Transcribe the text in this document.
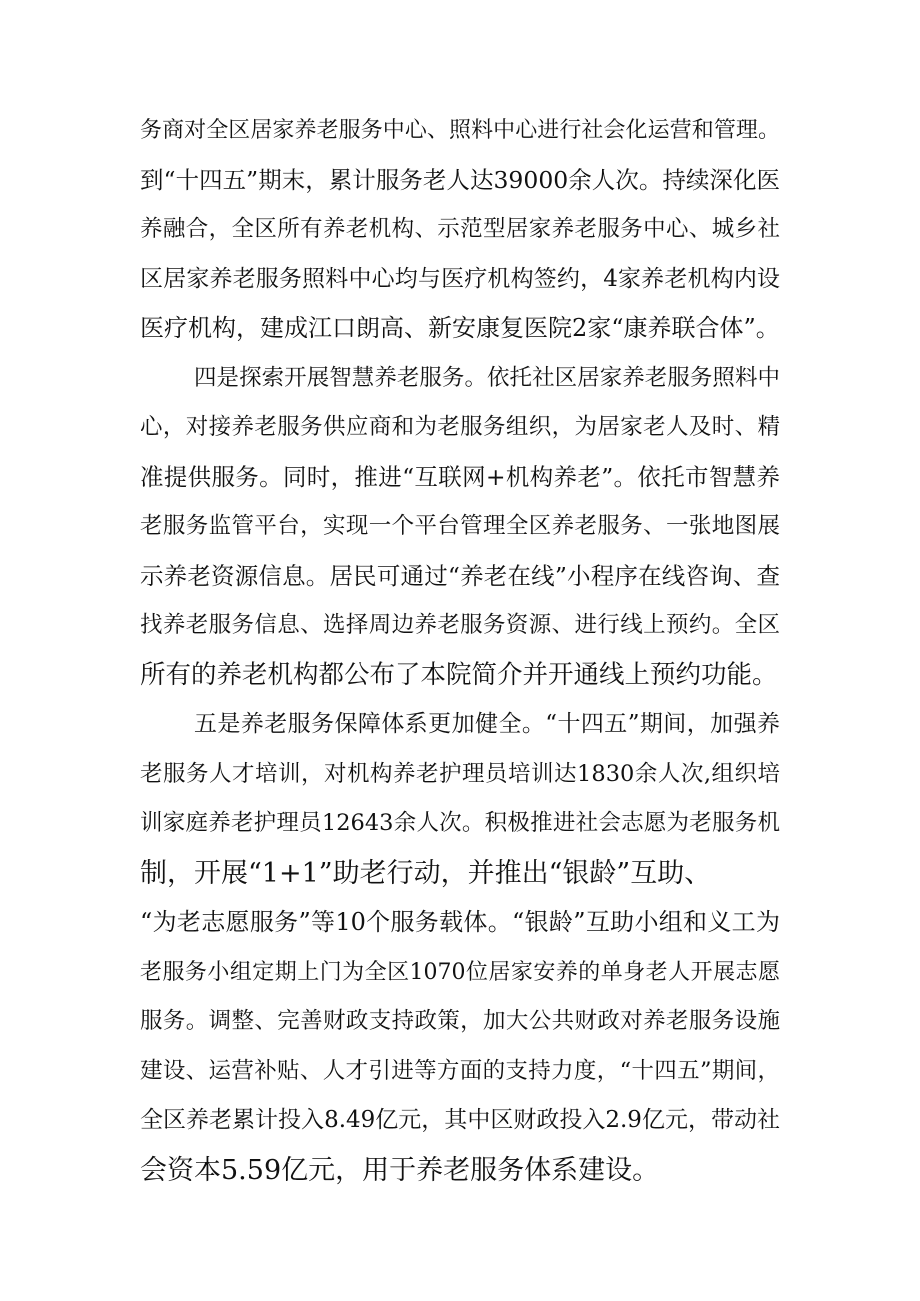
务商对全区居家养老服务中心、照料中心进行社会化运营和管理。
到“十四五”期末，累计服务老人达39000余人次。持续深化医
养融合，全区所有养老机构、示范型居家养老服务中心、城乡社
区居家养老服务照料中心均与医疗机构签约，4家养老机构内设
医疗机构，建成江口朗高、新安康复医院2家“康养联合体”。
四是探索开展智慧养老服务。依托社区居家养老服务照料中
心，对接养老服务供应商和为老服务组织，为居家老人及时、精
准提供服务。同时，推进“互联网+机构养老”。依托市智慧养
老服务监管平台，实现一个平台管理全区养老服务、一张地图展
示养老资源信息。居民可通过“养老在线”小程序在线咨询、查
找养老服务信息、选择周边养老服务资源、进行线上预约。全区
所有的养老机构都公布了本院简介并开通线上预约功能。
五是养老服务保障体系更加健全。“十四五”期间，加强养
老服务人才培训，对机构养老护理员培训达1830余人次,组织培
训家庭养老护理员12643余人次。积极推进社会志愿为老服务机
制，开展“1+1”助老行动，并推出“银龄”互助、
“为老志愿服务”等10个服务载体。“银龄”互助小组和义工为
老服务小组定期上门为全区1070位居家安养的单身老人开展志愿
服务。调整、完善财政支持政策，加大公共财政对养老服务设施
建设、运营补贴、人才引进等方面的支持力度，“十四五”期间，
全区养老累计投入8.49亿元，其中区财政投入2.9亿元，带动社
会资本5.59亿元，用于养老服务体系建设。
